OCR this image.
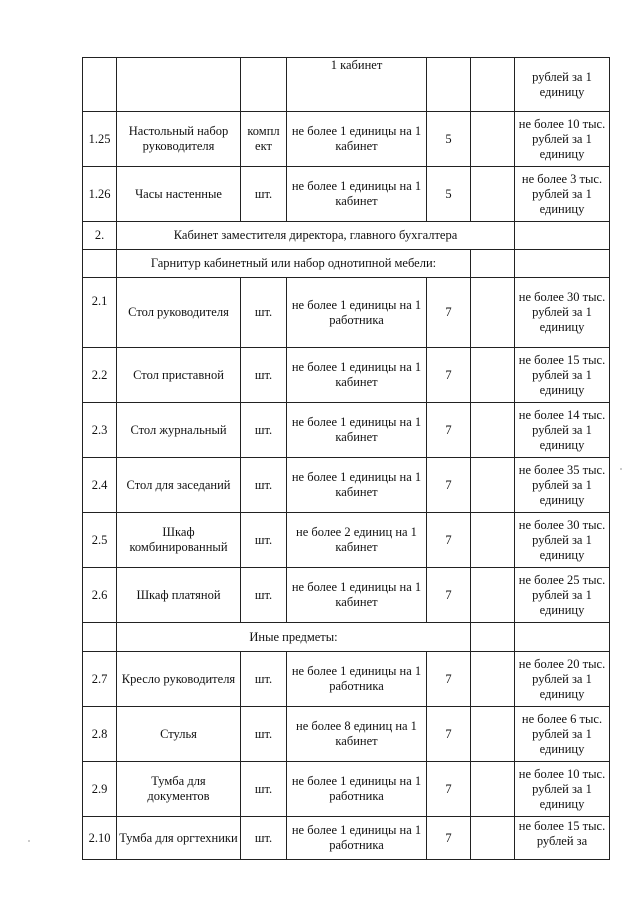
			1 кабинет			рублей за 1 единицу
1.25	Настольный набор руководителя	компл ект	не более 1 единицы на 1 кабинет	5		не более 10 тыс. рублей за 1 единицу
1.26	Часы настенные	шт.	не более 1 единицы на 1 кабинет	5		не более 3 тыс. рублей за 1 единицу
2.	Кабинет заместителя директора, главного бухгалтера					
	Гарнитур кабинетный или набор однотипной мебели:					
2.1	Стол руководителя	шт.	не более 1 единицы на 1 работника	7		не более 30 тыс. рублей за 1 единицу
2.2	Стол приставной	шт.	не более 1 единицы на 1 кабинет	7		не более 15 тыс. рублей за 1 единицу
2.3	Стол журнальный	шт.	не более 1 единицы на 1 кабинет	7		не более 14 тыс. рублей за 1 единицу
2.4	Стол для заседаний	шт.	не более 1 единицы на 1 кабинет	7		не более 35 тыс. рублей за 1 единицу
2.5	Шкаф комбинированный	шт.	не более 2 единиц на 1 кабинет	7		не более 30 тыс. рублей за 1 единицу
2.6	Шкаф платяной	шт.	не более 1 единицы на 1 кабинет	7		не более 25 тыс. рублей за 1 единицу
	Иные предметы:					
2.7	Кресло руководителя	шт.	не более 1 единицы на 1 работника	7		не более 20 тыс. рублей за 1 единицу
2.8	Стулья	шт.	не более 8 единиц на 1 кабинет	7		не более 6 тыс. рублей за 1 единицу
2.9	Тумба для документов	шт.	не более 1 единицы на 1 работника	7		не более 10 тыс. рублей за 1 единицу
2.10	Тумба для оргтехники	шт.	не более 1 единицы на 1 работника	7		не более 15 тыс. рублей за
